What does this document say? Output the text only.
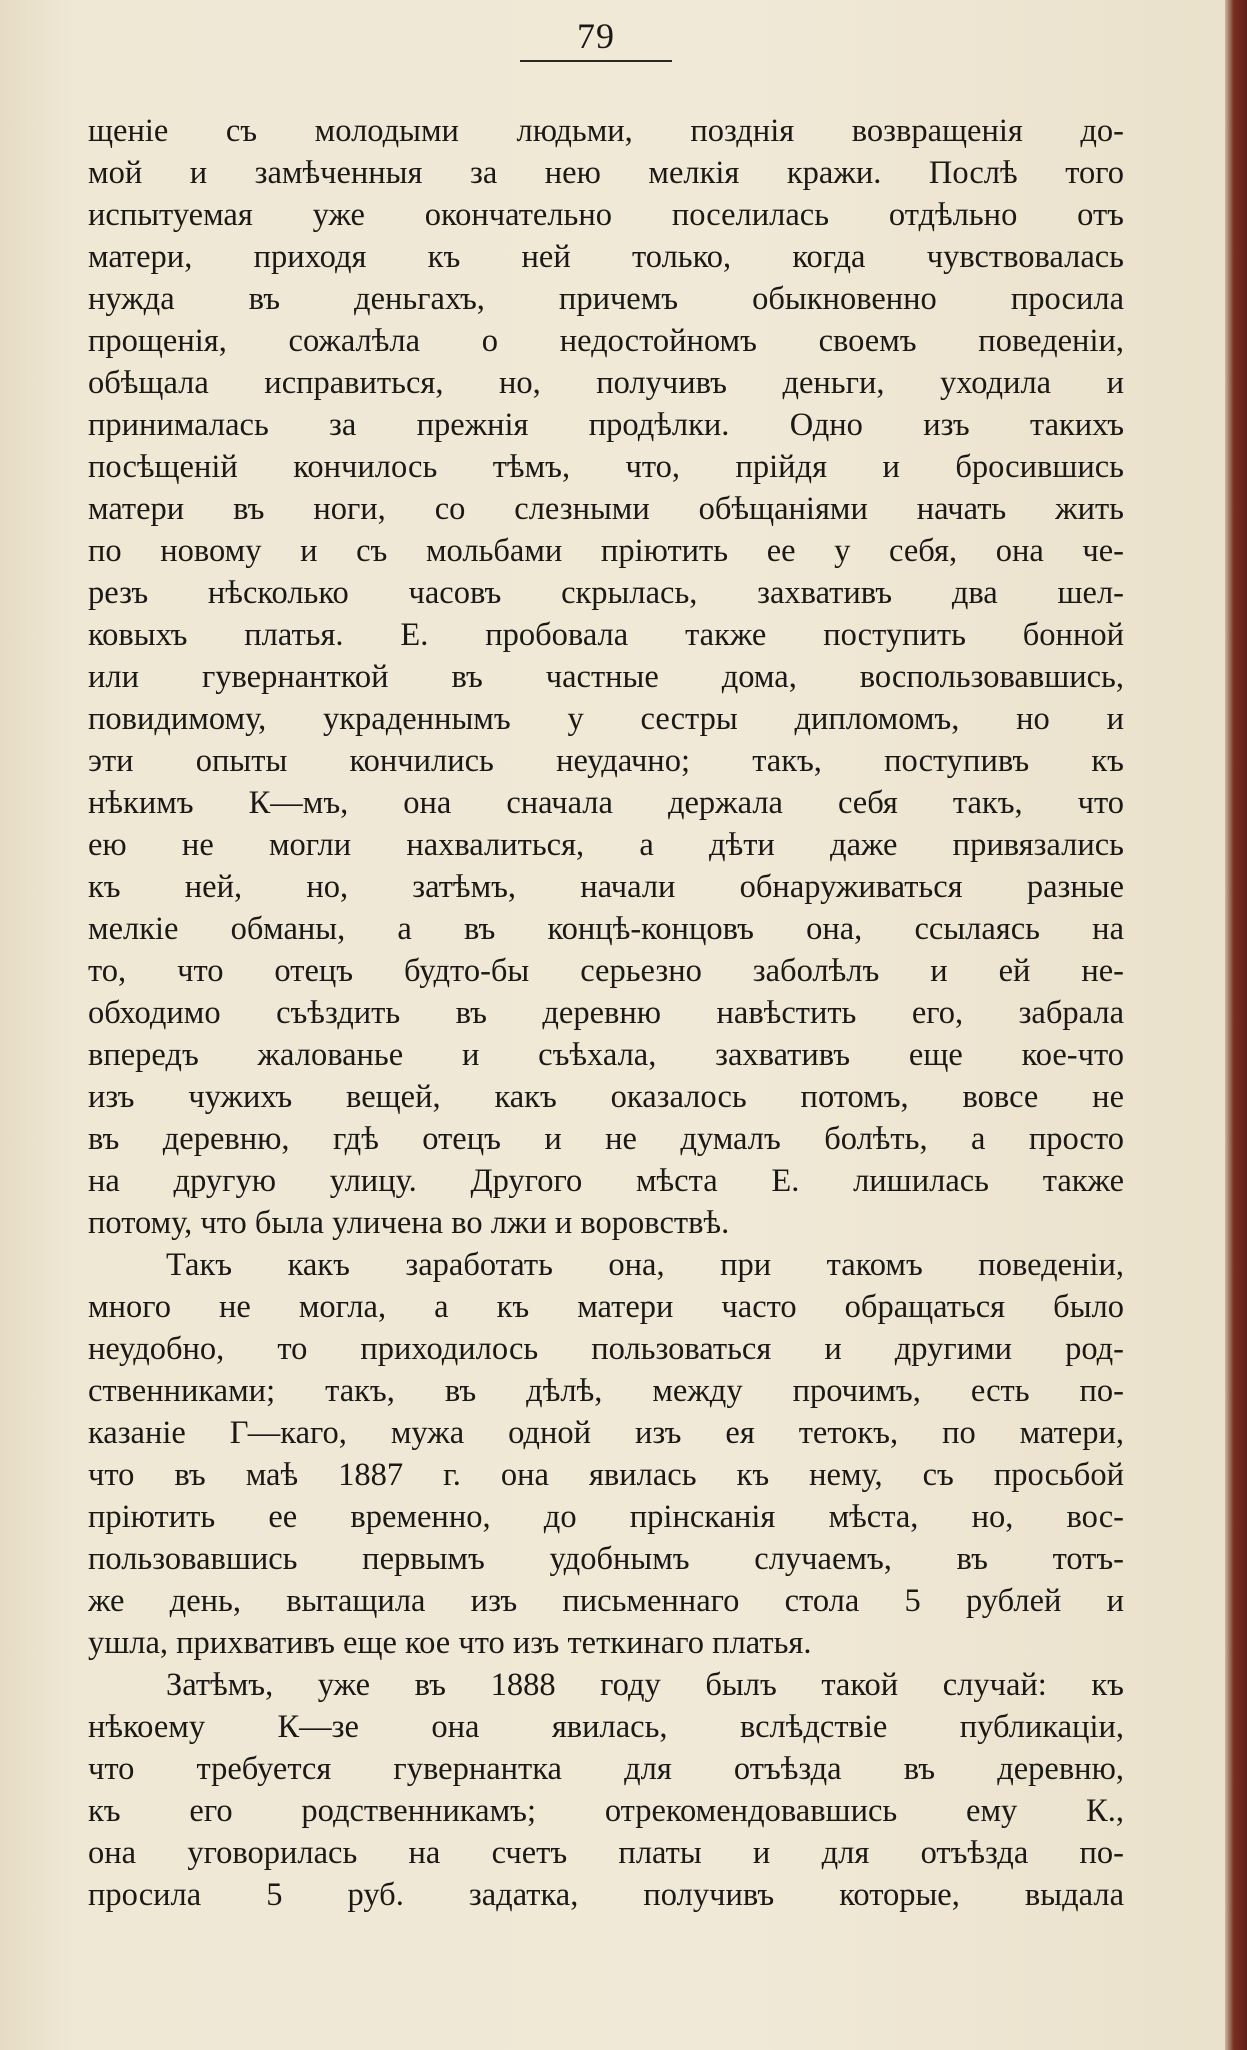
79
щеніе съ молодыми людьми, позднія возвращенія до-
мой и замѣченныя за нею мелкія кражи. Послѣ того
испытуемая уже окончательно поселилась отдѣльно отъ
матери, приходя къ ней только, когда чувствовалась
нужда въ деньгахъ, причемъ обыкновенно просила
прощенія, сожалѣла о недостойномъ своемъ поведеніи,
обѣщала исправиться, но, получивъ деньги, уходила и
принималась за прежнія продѣлки. Одно изъ такихъ
посѣщеній кончилось тѣмъ, что, прійдя и бросившись
матери въ ноги, со слезными обѣщаніями начать жить
по новому и съ мольбами пріютить ее у себя, она че-
резъ нѣсколько часовъ скрылась, захвативъ два шел-
ковыхъ платья. Е. пробовала также поступить бонной
или гувернанткой въ частные дома, воспользовавшись,
повидимому, украденнымъ у сестры дипломомъ, но и
эти опыты кончились неудачно; такъ, поступивъ къ
нѣкимъ К—мъ, она сначала держала себя такъ, что
ею не могли нахвалиться, а дѣти даже привязались
къ ней, но, затѣмъ, начали обнаруживаться разные
мелкіе обманы, а въ концѣ-концовъ она, ссылаясь на
то, что отецъ будто-бы серьезно заболѣлъ и ей не-
обходимо съѣздить въ деревню навѣстить его, забрала
впередъ жалованье и съѣхала, захвативъ еще кое-что
изъ чужихъ вещей, какъ оказалось потомъ, вовсе не
въ деревню, гдѣ отецъ и не думалъ болѣть, а просто
на другую улицу. Другого мѣста Е. лишилась также
потому, что была уличена во лжи и воровствѣ.
Такъ какъ заработать она, при такомъ поведеніи,
много не могла, а къ матери часто обращаться было
неудобно, то приходилось пользоваться и другими род-
ственниками; такъ, въ дѣлѣ, между прочимъ, есть по-
казаніе Г—каго, мужа одной изъ ея тетокъ, по матери,
что въ маѣ 1887 г. она явилась къ нему, съ просьбой
пріютить ее временно, до прінсканія мѣста, но, вос-
пользовавшись первымъ удобнымъ случаемъ, въ тотъ-
же день, вытащила изъ письменнаго стола 5 рублей и
ушла, прихвативъ еще кое что изъ теткинаго платья.
Затѣмъ, уже въ 1888 году былъ такой случай: къ
нѣкоему К—зе она явилась, вслѣдствіе публикаціи,
что требуется гувернантка для отъѣзда въ деревню,
къ его родственникамъ; отрекомендовавшись ему К.,
она уговорилась на счетъ платы и для отъѣзда по-
просила 5 руб. задатка, получивъ которые, выдала
